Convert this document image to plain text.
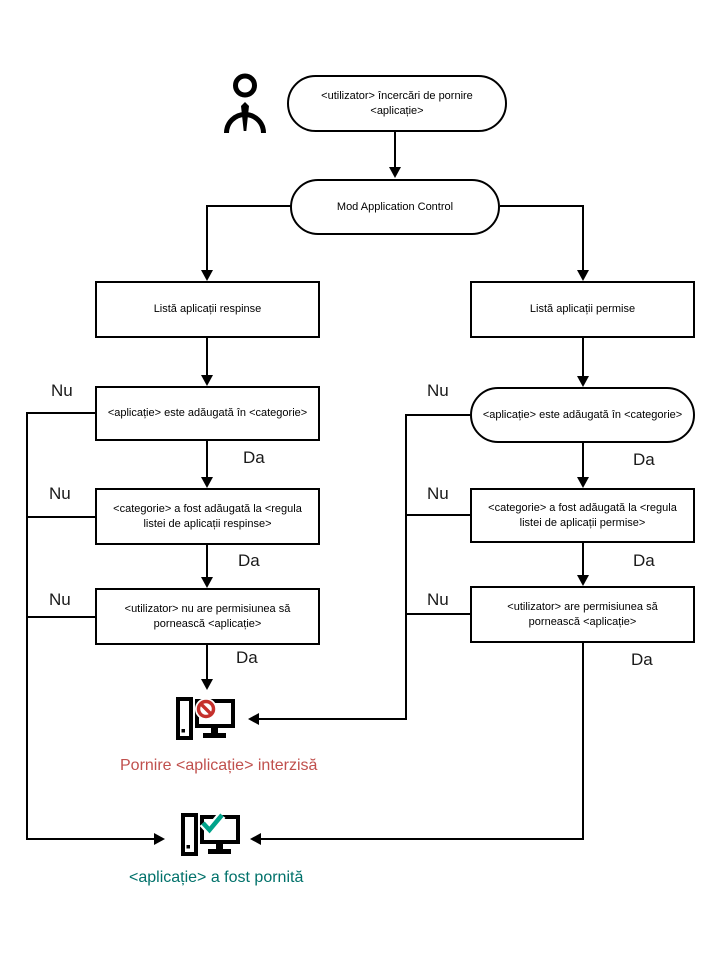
<utilizator> încercări de pornire <aplicație>
Mod Application Control
Listă aplicații respinse	Listă aplicații permise
<aplicație> este adăugată în <categorie>	<aplicație> este adăugată în <categorie>
<categorie> a fost adăugată la <regula listei de aplicații respinse>
<categorie> a fost adăugată la <regula listei de aplicații permise>
<utilizator> nu are permisiunea să pornească <aplicație>
<utilizator> are permisiunea să pornească <aplicație>
Nu
Nu
Nu
Nu
Nu
Nu
Da
Da
Da
Da
Da
Da
Pornire <aplicație> interzisă
<aplicație> a fost pornită
